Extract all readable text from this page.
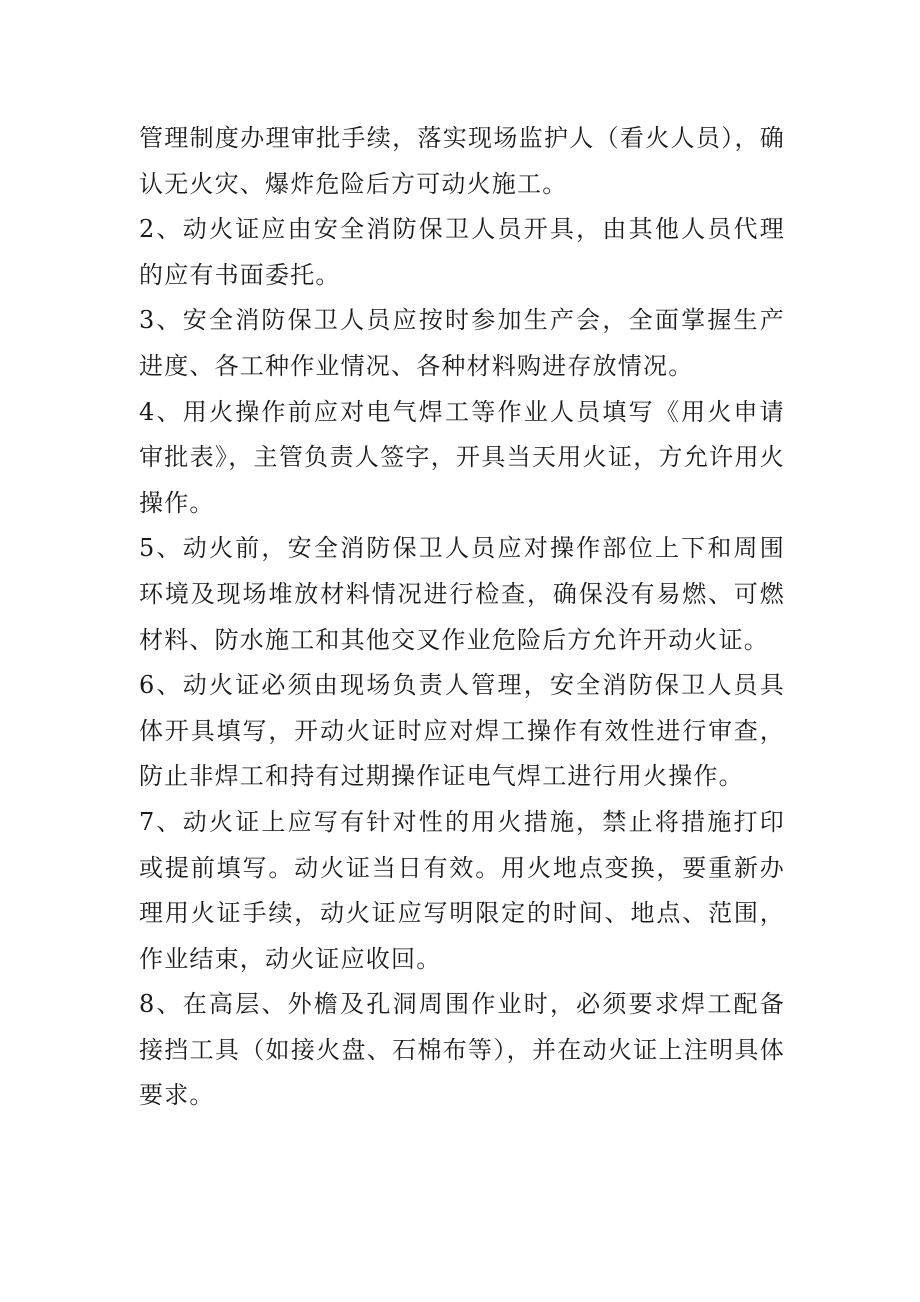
管理制度办理审批手续，落实现场监护人（看火人员），确认无火灾、爆炸危险后方可动火施工。

2、动火证应由安全消防保卫人员开具，由其他人员代理的应有书面委托。

3、安全消防保卫人员应按时参加生产会，全面掌握生产进度、各工种作业情况、各种材料购进存放情况。

4、用火操作前应对电气焊工等作业人员填写《用火申请审批表》，主管负责人签字，开具当天用火证，方允许用火操作。

5、动火前，安全消防保卫人员应对操作部位上下和周围环境及现场堆放材料情况进行检查，确保没有易燃、可燃材料、防水施工和其他交叉作业危险后方允许开动火证。

6、动火证必须由现场负责人管理，安全消防保卫人员具体开具填写，开动火证时应对焊工操作有效性进行审查，防止非焊工和持有过期操作证电气焊工进行用火操作。

7、动火证上应写有针对性的用火措施，禁止将措施打印或提前填写。动火证当日有效。用火地点变换，要重新办理用火证手续，动火证应写明限定的时间、地点、范围，作业结束，动火证应收回。

8、在高层、外檐及孔洞周围作业时，必须要求焊工配备接挡工具（如接火盘、石棉布等），并在动火证上注明具体要求。
